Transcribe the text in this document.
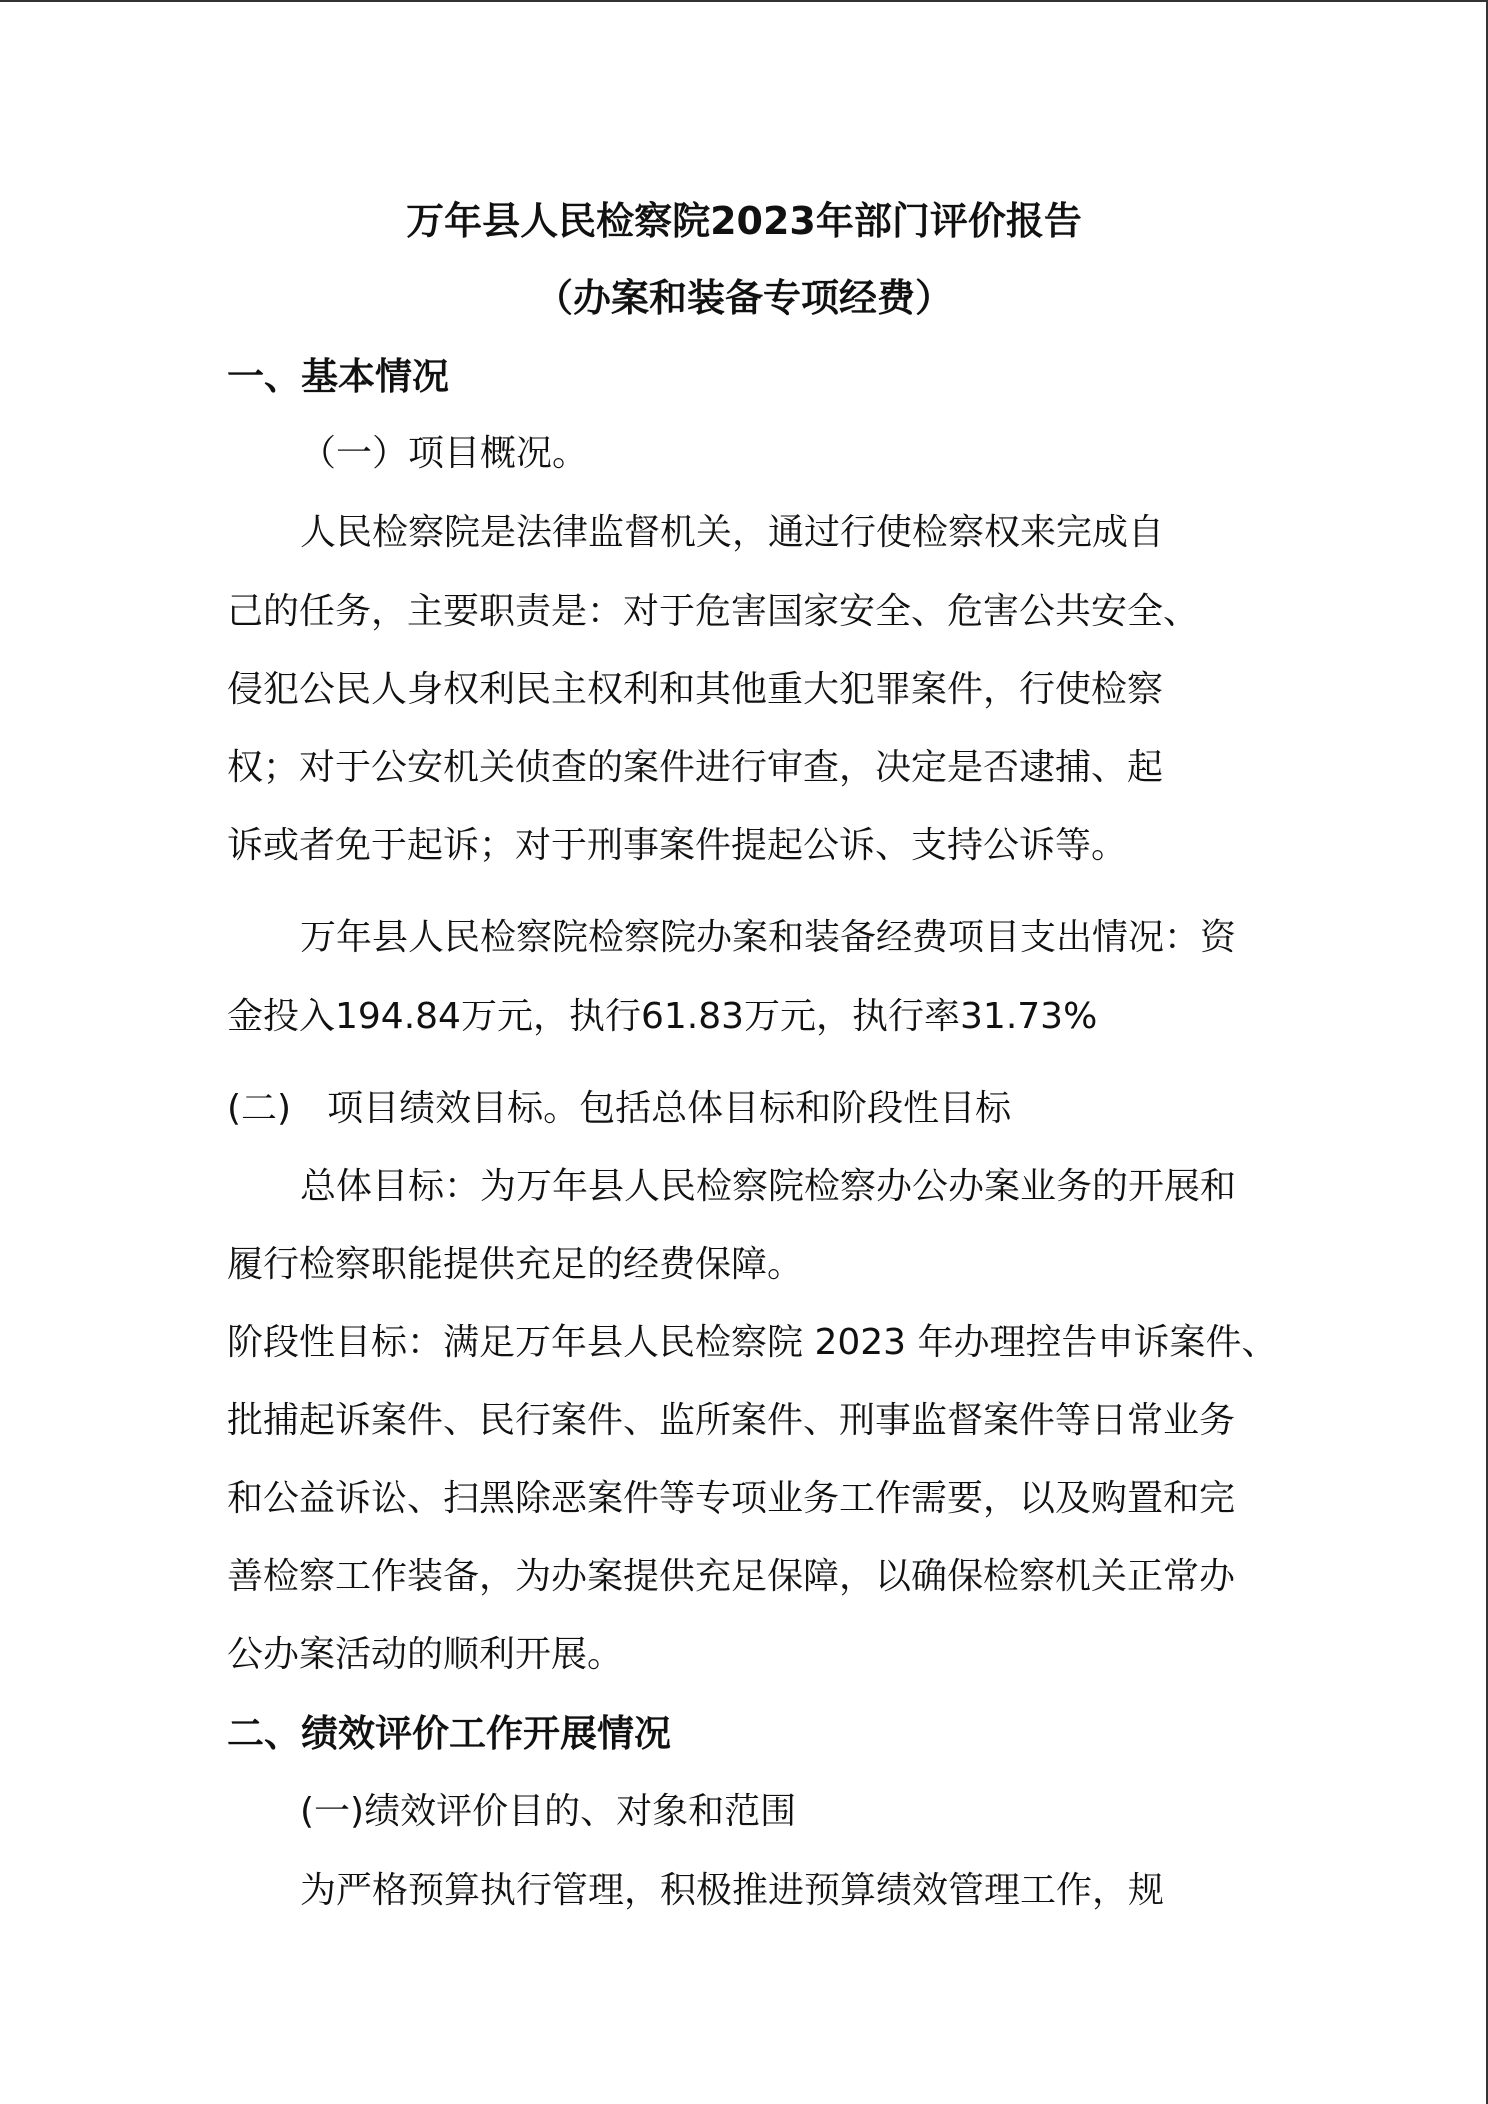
万年县人民检察院2023年部门评价报告
（办案和装备专项经费）
一、基本情况
（一）项目概况。
人民检察院是法律监督机关，通过行使检察权来完成自
己的任务，主要职责是：对于危害国家安全、危害公共安全、
侵犯公民人身权利民主权利和其他重大犯罪案件，行使检察
权；对于公安机关侦查的案件进行审查，决定是否逮捕、起
诉或者免于起诉；对于刑事案件提起公诉、支持公诉等。
万年县人民检察院检察院办案和装备经费项目支出情况：资
金投入194.84万元，执行61.83万元，执行率31.73%
(二)　项目绩效目标。包括总体目标和阶段性目标
总体目标：为万年县人民检察院检察办公办案业务的开展和
履行检察职能提供充足的经费保障。
阶段性目标：满足万年县人民检察院 2023 年办理控告申诉案件、
批捕起诉案件、民行案件、监所案件、刑事监督案件等日常业务
和公益诉讼、扫黑除恶案件等专项业务工作需要，以及购置和完
善检察工作装备，为办案提供充足保障，以确保检察机关正常办
公办案活动的顺利开展。
二、绩效评价工作开展情况
(一)绩效评价目的、对象和范围
为严格预算执行管理，积极推进预算绩效管理工作，规
